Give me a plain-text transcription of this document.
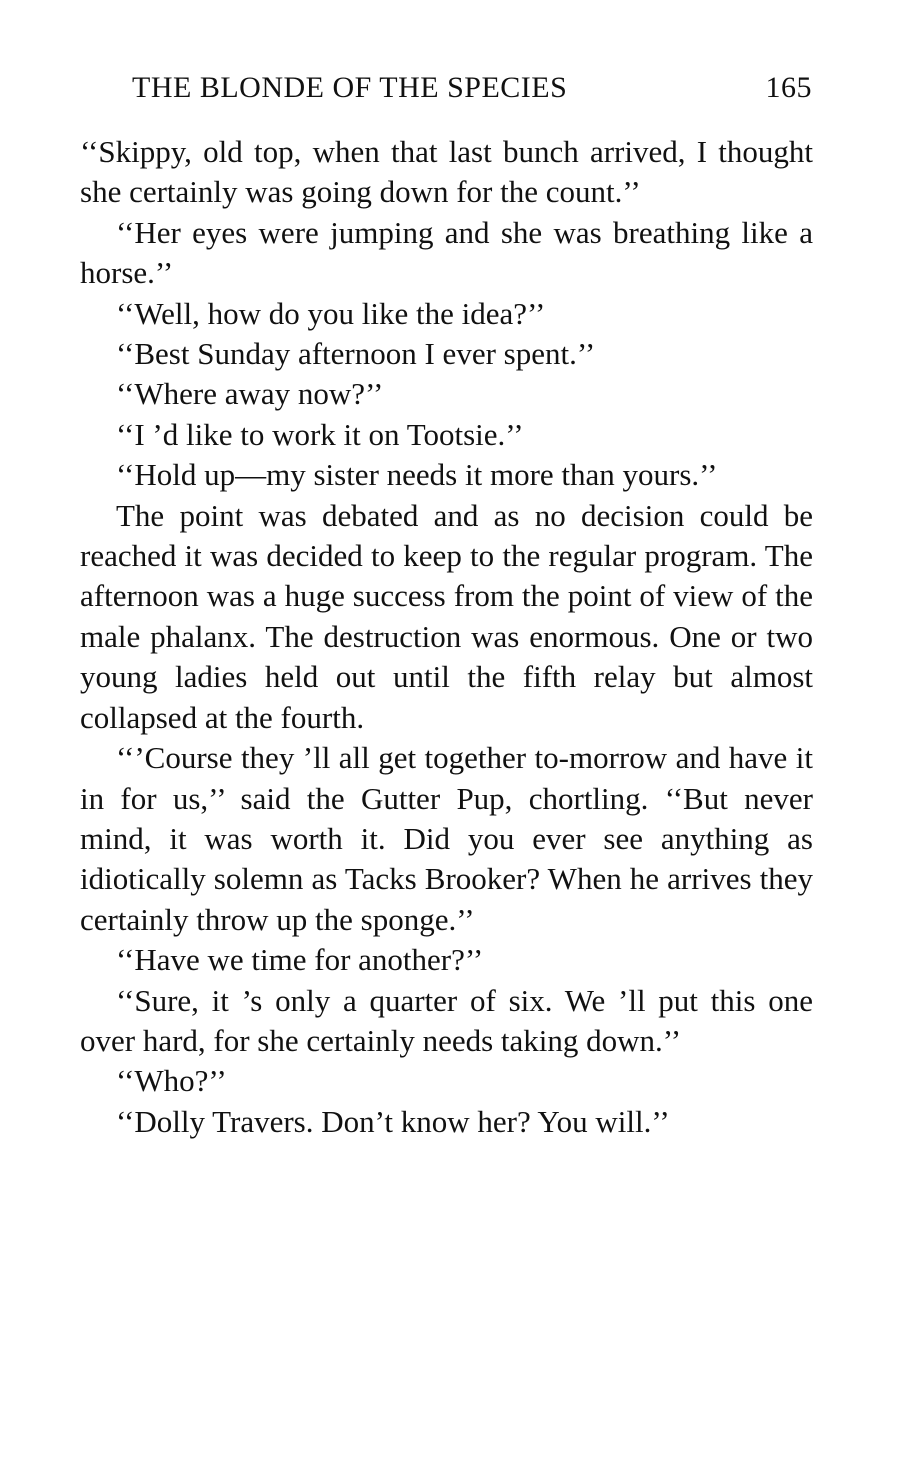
THE BLONDE OF THE SPECIES	165

‘‘Skippy, old top, when that last bunch arrived, I thought she certainly was going down for the count.’’

‘‘Her eyes were jumping and she was breathing like a horse.’’

‘‘Well, how do you like the idea?’’

‘‘Best Sunday afternoon I ever spent.’’

‘‘Where away now?’’

‘‘I ’d like to work it on Tootsie.’’

‘‘Hold up—my sister needs it more than yours.’’

The point was debated and as no decision could be reached it was decided to keep to the regular program. The afternoon was a huge success from the point of view of the male phalanx. The destruction was enormous. One or two young ladies held out until the fifth relay but almost collapsed at the fourth.

‘‘’Course they ’ll all get together to-morrow and have it in for us,’’ said the Gutter Pup, chortling. ‘‘But never mind, it was worth it. Did you ever see anything as idiotically solemn as Tacks Brooker? When he arrives they certainly throw up the sponge.’’

‘‘Have we time for another?’’

‘‘Sure, it ’s only a quarter of six. We ’ll put this one over hard, for she certainly needs taking down.’’

‘‘Who?’’

‘‘Dolly Travers. Don’t know her? You will.’’
